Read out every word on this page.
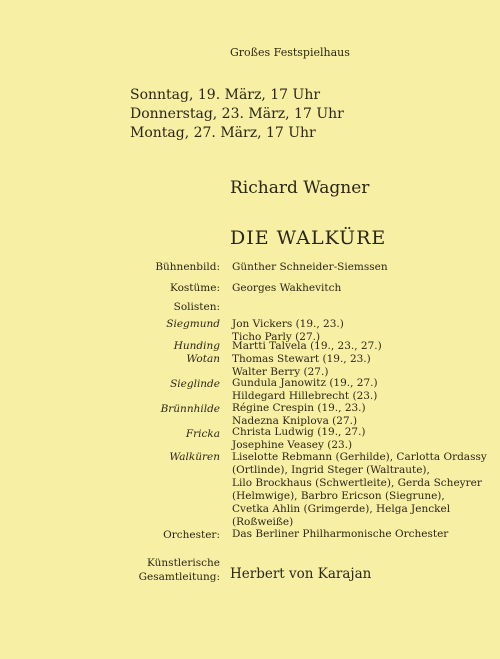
Großes Festspielhaus
Sonntag, 19. März, 17 Uhr
Donnerstag, 23. März, 17 Uhr
Montag, 27. März, 17 Uhr
Richard Wagner
DIE WALKÜRE
Bühnenbild: Günther Schneider-Siemssen
Kostüme: Georges Wakhevitch
Solisten:
Siegmund Jon Vickers (19., 23.)
Ticho Parly (27.)
Hunding Martti Talvela (19., 23., 27.)
Wotan Thomas Stewart (19., 23.)
Walter Berry (27.)
Sieglinde Gundula Janowitz (19., 27.)
Hildegard Hillebrecht (23.)
Brünnhilde Régine Crespin (19., 23.)
Nadezna Kniplova (27.)
Fricka Christa Ludwig (19., 27.)
Josephine Veasey (23.)
Walküren Liselotte Rebmann (Gerhilde), Carlotta Ordassy
(Ortlinde), Ingrid Steger (Waltraute),
Lilo Brockhaus (Schwertleite), Gerda Scheyrer
(Helmwige), Barbro Ericson (Siegrune),
Cvetka Ahlin (Grimgerde), Helga Jenckel
(Roßweiße)
Orchester: Das Berliner Philharmonische Orchester
Künstlerische
Gesamtleitung: Herbert von Karajan
